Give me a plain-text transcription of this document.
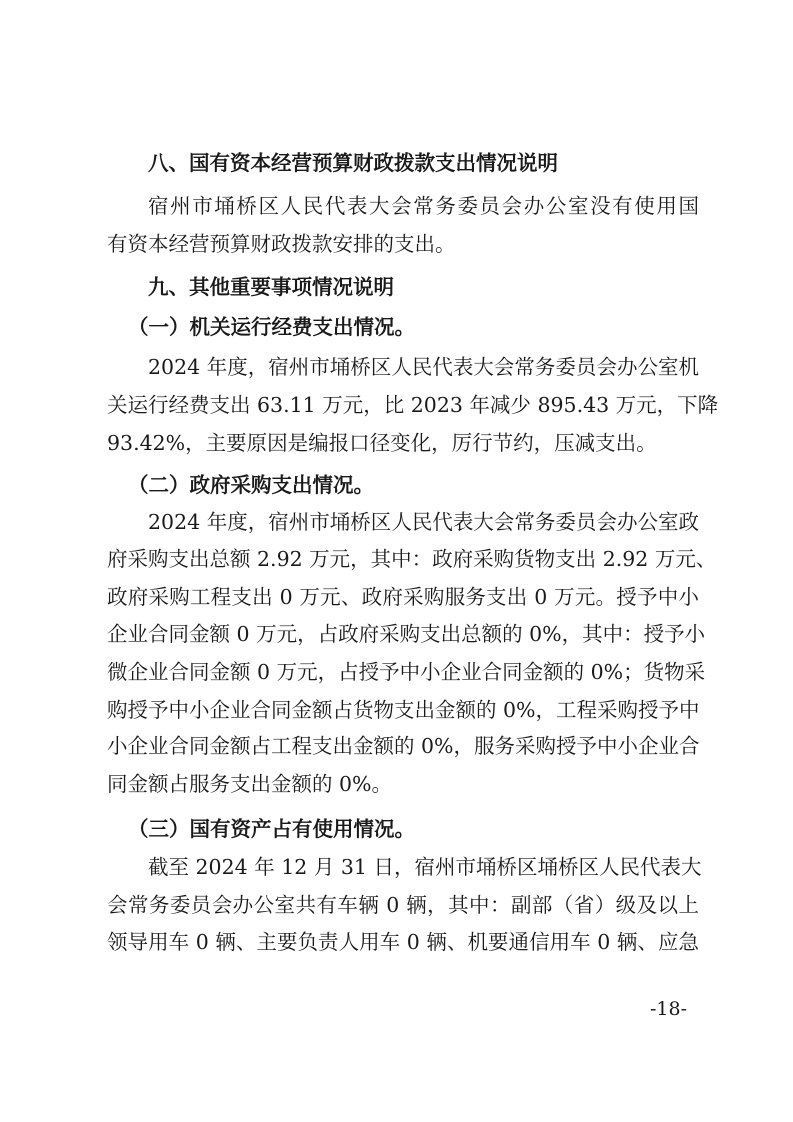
八、国有资本经营预算财政拨款支出情况说明
宿州市埇桥区人民代表大会常务委员会办公室没有使用国
有资本经营预算财政拨款安排的支出。
九、其他重要事项情况说明
（一）机关运行经费支出情况。
2024 年度，宿州市埇桥区人民代表大会常务委员会办公室机
关运行经费支出 63.11 万元，比 2023 年减少 895.43 万元，下降
93.42%，主要原因是编报口径变化，厉行节约，压减支出。
（二）政府采购支出情况。
2024 年度，宿州市埇桥区人民代表大会常务委员会办公室政
府采购支出总额 2.92 万元，其中：政府采购货物支出 2.92 万元、
政府采购工程支出 0 万元、政府采购服务支出 0 万元。授予中小
企业合同金额 0 万元，占政府采购支出总额的 0%，其中：授予小
微企业合同金额 0 万元，占授予中小企业合同金额的 0%；货物采
购授予中小企业合同金额占货物支出金额的 0%，工程采购授予中
小企业合同金额占工程支出金额的 0%，服务采购授予中小企业合
同金额占服务支出金额的 0%。
（三）国有资产占有使用情况。
截至 2024 年 12 月 31 日，宿州市埇桥区埇桥区人民代表大
会常务委员会办公室共有车辆 0 辆，其中：副部（省）级及以上
领导用车 0 辆、主要负责人用车 0 辆、机要通信用车 0 辆、应急
-18-
